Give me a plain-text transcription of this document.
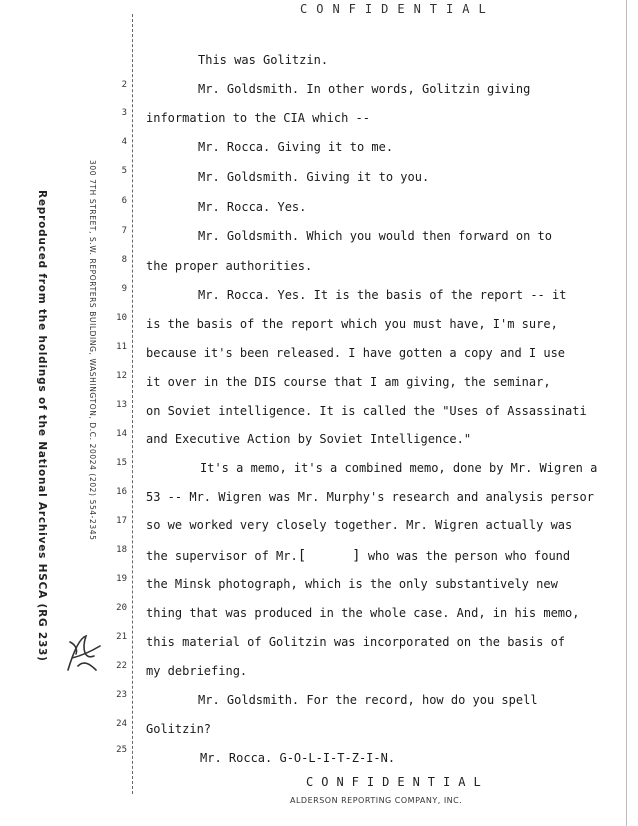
CONFIDENTIAL
Reproduced from the holdings of the National Archives HSCA (RG 233)	300 7TH STREET, S.W. REPORTERS BUILDING, WASHINGTON, D.C. 20024 (202) 554-2345
2
3
4
5
6
7
8
9
10
11
12
13
14
15
16
17
18
19
20
21
22
23
24
25
This was Golitzin.
Mr. Goldsmith. In other words, Golitzin giving
information to the CIA which --
Mr. Rocca. Giving it to me.
Mr. Goldsmith. Giving it to you.
Mr. Rocca. Yes.
Mr. Goldsmith. Which you would then forward on to
the proper authorities.
Mr. Rocca. Yes. It is the basis of the report -- it
is the basis of the report which you must have, I'm sure,
because it's been released. I have gotten a copy and I use
it over in the DIS course that I am giving, the seminar,
on Soviet intelligence. It is called the "Uses of Assassinati
and Executive Action by Soviet Intelligence."
It's a memo, it's a combined memo, done by Mr. Wigren a
53 -- Mr. Wigren was Mr. Murphy's research and analysis persor
so we worked very closely together. Mr. Wigren actually was
the supervisor of Mr.[	] who was the person who found
the Minsk photograph, which is the only substantively new
thing that was produced in the whole case. And, in his memo,
this material of Golitzin was incorporated on the basis of
my debriefing.
Mr. Goldsmith. For the record, how do you spell
Golitzin?
Mr. Rocca. G-O-L-I-T-Z-I-N.
CONFIDENTIAL
ALDERSON REPORTING COMPANY, INC.
